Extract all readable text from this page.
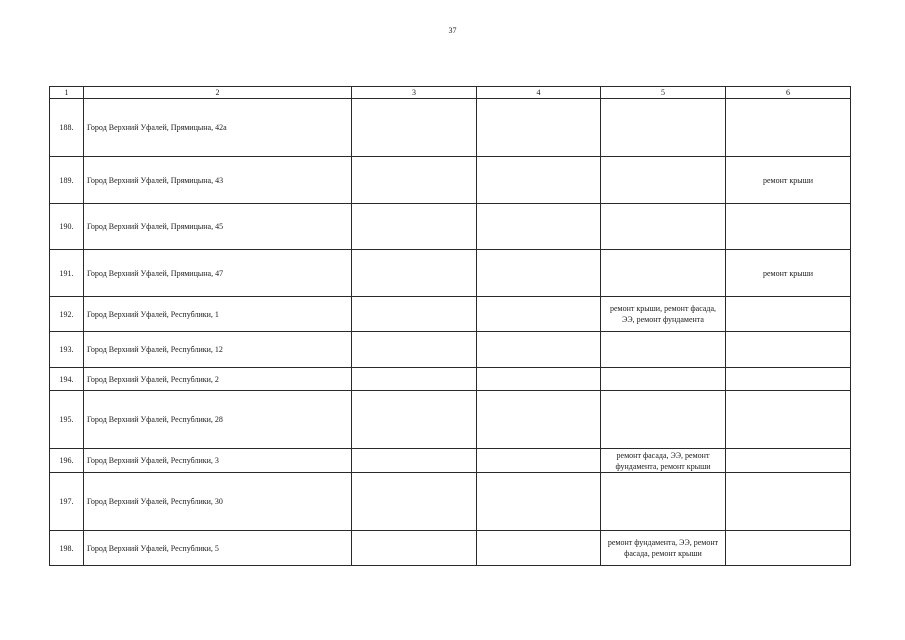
37
1	2	3	4	5	6
188.	Город Верхний Уфалей, Прямицына, 42а				
189.	Город Верхний Уфалей, Прямицына, 43				ремонт крыши
190.	Город Верхний Уфалей, Прямицына, 45				
191.	Город Верхний Уфалей, Прямицына, 47				ремонт крыши
192.	Город Верхний Уфалей, Республики, 1			ремонт крыши, ремонт фасада, ЭЭ, ремонт фундамента	
193.	Город Верхний Уфалей, Республики, 12				
194.	Город Верхний Уфалей, Республики, 2				
195.	Город Верхний Уфалей, Республики, 28				
196.	Город Верхний Уфалей, Республики, 3			ремонт фасада, ЭЭ, ремонт фундамента, ремонт крыши	
197.	Город Верхний Уфалей, Республики, 30				
198.	Город Верхний Уфалей, Республики, 5			ремонт фундамента, ЭЭ, ремонт фасада, ремонт крыши	
